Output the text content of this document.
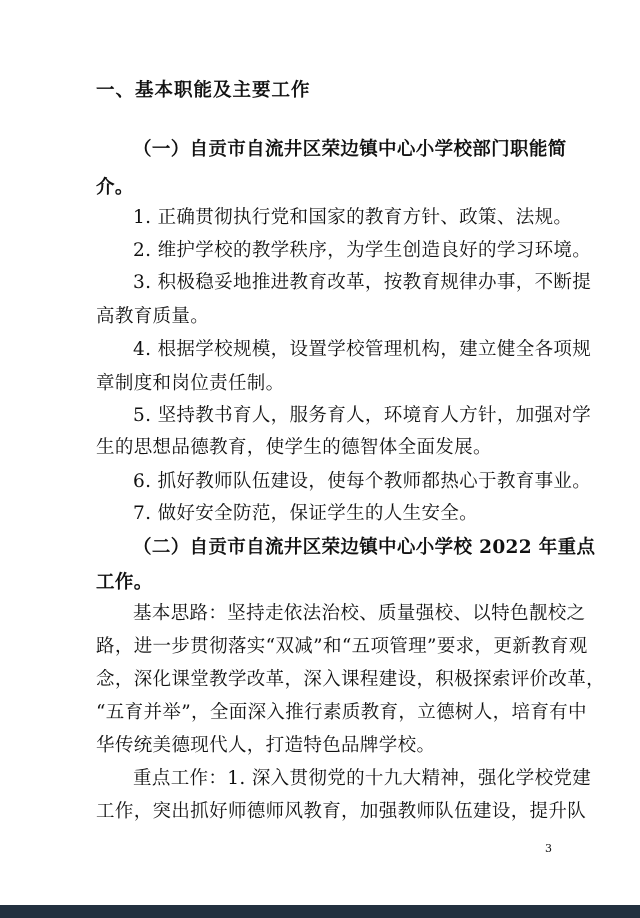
一、基本职能及主要工作
（一）自贡市自流井区荣边镇中心小学校部门职能简
介。
1. 正确贯彻执行党和国家的教育方针、政策、法规。
2. 维护学校的教学秩序，为学生创造良好的学习环境。
3. 积极稳妥地推进教育改革，按教育规律办事，不断提
高教育质量。
4. 根据学校规模，设置学校管理机构，建立健全各项规
章制度和岗位责任制。
5. 坚持教书育人，服务育人，环境育人方针，加强对学
生的思想品德教育，使学生的德智体全面发展。
6. 抓好教师队伍建设，使每个教师都热心于教育事业。
7. 做好安全防范，保证学生的人生安全。
（二）自贡市自流井区荣边镇中心小学校 2022 年重点
工作。
基本思路：坚持走依法治校、质量强校、以特色靓校之
路，进一步贯彻落实“双减”和“五项管理”要求，更新教育观
念，深化课堂教学改革，深入课程建设，积极探索评价改革，
“五育并举”，全面深入推行素质教育，立德树人，培育有中
华传统美德现代人，打造特色品牌学校。
重点工作：1. 深入贯彻党的十九大精神，强化学校党建
工作，突出抓好师德师风教育，加强教师队伍建设，提升队
3
